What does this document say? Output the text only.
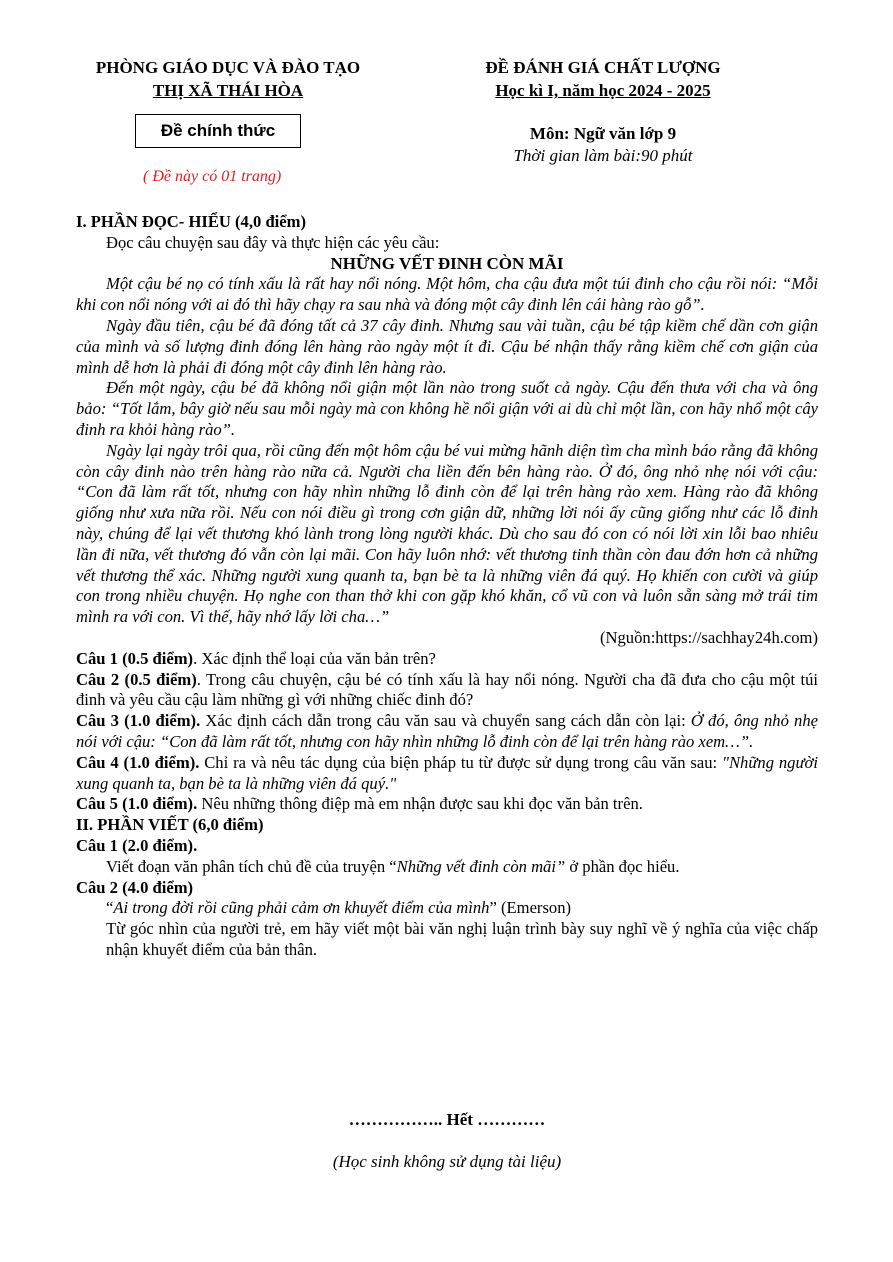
PHÒNG GIÁO DỤC VÀ ĐÀO TẠO
THỊ XÃ THÁI HÒA
Đề chính thức
( Đề này có 01 trang)
ĐỀ ĐÁNH GIÁ CHẤT LƯỢNG
Học kì I, năm học 2024 - 2025
Môn: Ngữ văn lớp 9
Thời gian làm bài:90 phút

I. PHẦN ĐỌC- HIỂU (4,0 điểm)

Đọc câu chuyện sau đây và thực hiện các yêu cầu:

NHỮNG VẾT ĐINH CÒN MÃI

Một cậu bé nọ có tính xấu là rất hay nổi nóng. Một hôm, cha cậu đưa một túi đinh cho cậu rồi nói: “Mỗi khi con nổi nóng với ai đó thì hãy chạy ra sau nhà và đóng một cây đinh lên cái hàng rào gỗ”.

Ngày đầu tiên, cậu bé đã đóng tất cả 37 cây đinh. Nhưng sau vài tuần, cậu bé tập kiềm chế dần cơn giận của mình và số lượng đinh đóng lên hàng rào ngày một ít đi. Cậu bé nhận thấy rằng kiềm chế cơn giận của mình dễ hơn là phải đi đóng một cây đinh lên hàng rào.

Đến một ngày, cậu bé đã không nổi giận một lần nào trong suốt cả ngày. Cậu đến thưa với cha và ông bảo: “Tốt lắm, bây giờ nếu sau mỗi ngày mà con không hề nổi giận với ai dù chỉ một lần, con hãy nhổ một cây đinh ra khỏi hàng rào”.

Ngày lại ngày trôi qua, rồi cũng đến một hôm cậu bé vui mừng hãnh diện tìm cha mình báo rằng đã không còn cây đinh nào trên hàng rào nữa cả. Người cha liền đến bên hàng rào. Ở đó, ông nhỏ nhẹ nói với cậu: “Con đã làm rất tốt, nhưng con hãy nhìn những lỗ đinh còn để lại trên hàng rào xem. Hàng rào đã không giống như xưa nữa rồi. Nếu con nói điều gì trong cơn giận dữ, những lời nói ấy cũng giống như các lỗ đinh này, chúng để lại vết thương khó lành trong lòng người khác. Dù cho sau đó con có nói lời xin lỗi bao nhiêu lần đi nữa, vết thương đó vẫn còn lại mãi. Con hãy luôn nhớ: vết thương tinh thần còn đau đớn hơn cả những vết thương thể xác. Những người xung quanh ta, bạn bè ta là những viên đá quý. Họ khiến con cười và giúp con trong nhiều chuyện. Họ nghe con than thở khi con gặp khó khăn, cổ vũ con và luôn sẵn sàng mở trái tim mình ra với con. Vì thế, hãy nhớ lấy lời cha…”

(Nguồn:https://sachhay24h.com)

Câu 1 (0.5 điểm). Xác định thể loại của văn bản trên?

Câu 2 (0.5 điểm). Trong câu chuyện, cậu bé có tính xấu là hay nổi nóng. Người cha đã đưa cho cậu một túi đinh và yêu cầu cậu làm những gì với những chiếc đinh đó?

Câu 3 (1.0 điểm). Xác định cách dẫn trong câu văn sau và chuyển sang cách dẫn còn lại: Ở đó, ông nhỏ nhẹ nói với cậu: “Con đã làm rất tốt, nhưng con hãy nhìn những lỗ đinh còn để lại trên hàng rào xem…”.

Câu 4 (1.0 điểm). Chỉ ra và nêu tác dụng của biện pháp tu từ được sử dụng trong câu văn sau: "Những người xung quanh ta, bạn bè ta là những viên đá quý."

Câu 5 (1.0 điểm). Nêu những thông điệp mà em nhận được sau khi đọc văn bản trên.

II. PHẦN VIẾT (6,0 điểm)

Câu 1 (2.0 điểm).

Viết đoạn văn phân tích chủ đề của truyện “Những vết đinh còn mãi” ở phần đọc hiểu.

Câu 2 (4.0 điểm)

“Ai trong đời rồi cũng phải cảm ơn khuyết điểm của mình” (Emerson)

Từ góc nhìn của người trẻ, em hãy viết một bài văn nghị luận trình bày suy nghĩ về ý nghĩa của việc chấp nhận khuyết điểm của bản thân.

…………….. Hết …………
(Học sinh không sử dụng tài liệu)
